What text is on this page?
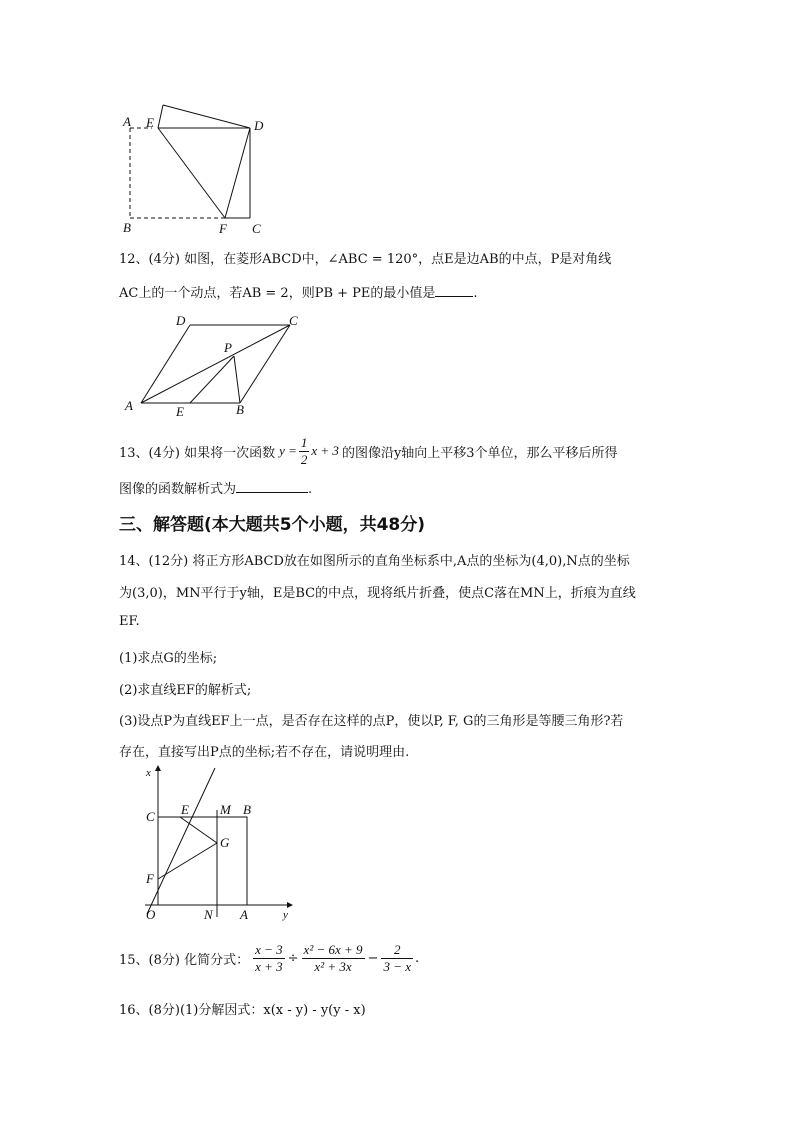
A E	D
B	F C
12、(4分) 如图，在菱形ABCD中，∠ABC = 120°，点E是边AB的中点，P是对角线
AC上的一个动点，若AB = 2，则PB + PE的最小值是	.
D	C
P
A	E	B
13、(4分) 如果将一次函数 $y = \frac{1}{2}$ x + 3 的图像沿y轴向上平移3个单位，那么平移后所得
图像的函数解析式为	.
三、解答题(本大题共5个小题，共48分)
14、(12分) 将正方形ABCD放在如图所示的直角坐标系中,A点的坐标为(4,0),N点的坐标
为(3,0)，MN平行于y轴，E是BC的中点，现将纸片折叠，使点C落在MN上，折痕为直线
EF.
(1)求点G的坐标;
(2)求直线EF的解析式;
(3)设点P为直线EF上一点，是否存在这样的点P，使以P, F, G的三角形是等腰三角形?若
存在，直接写出P点的坐标;若不存在，请说明理由.
x
y
C E M B
G
F
O	N A
15、(8分) 化简分式： $\frac{x - 3}{x + 3} \div \frac{\text{x² − 6x + 9}}{\text{x² + 3x}} - \frac{2}{3 - x}$ .
16、(8分)(1)分解因式：x(x - y) - y(y - x)
